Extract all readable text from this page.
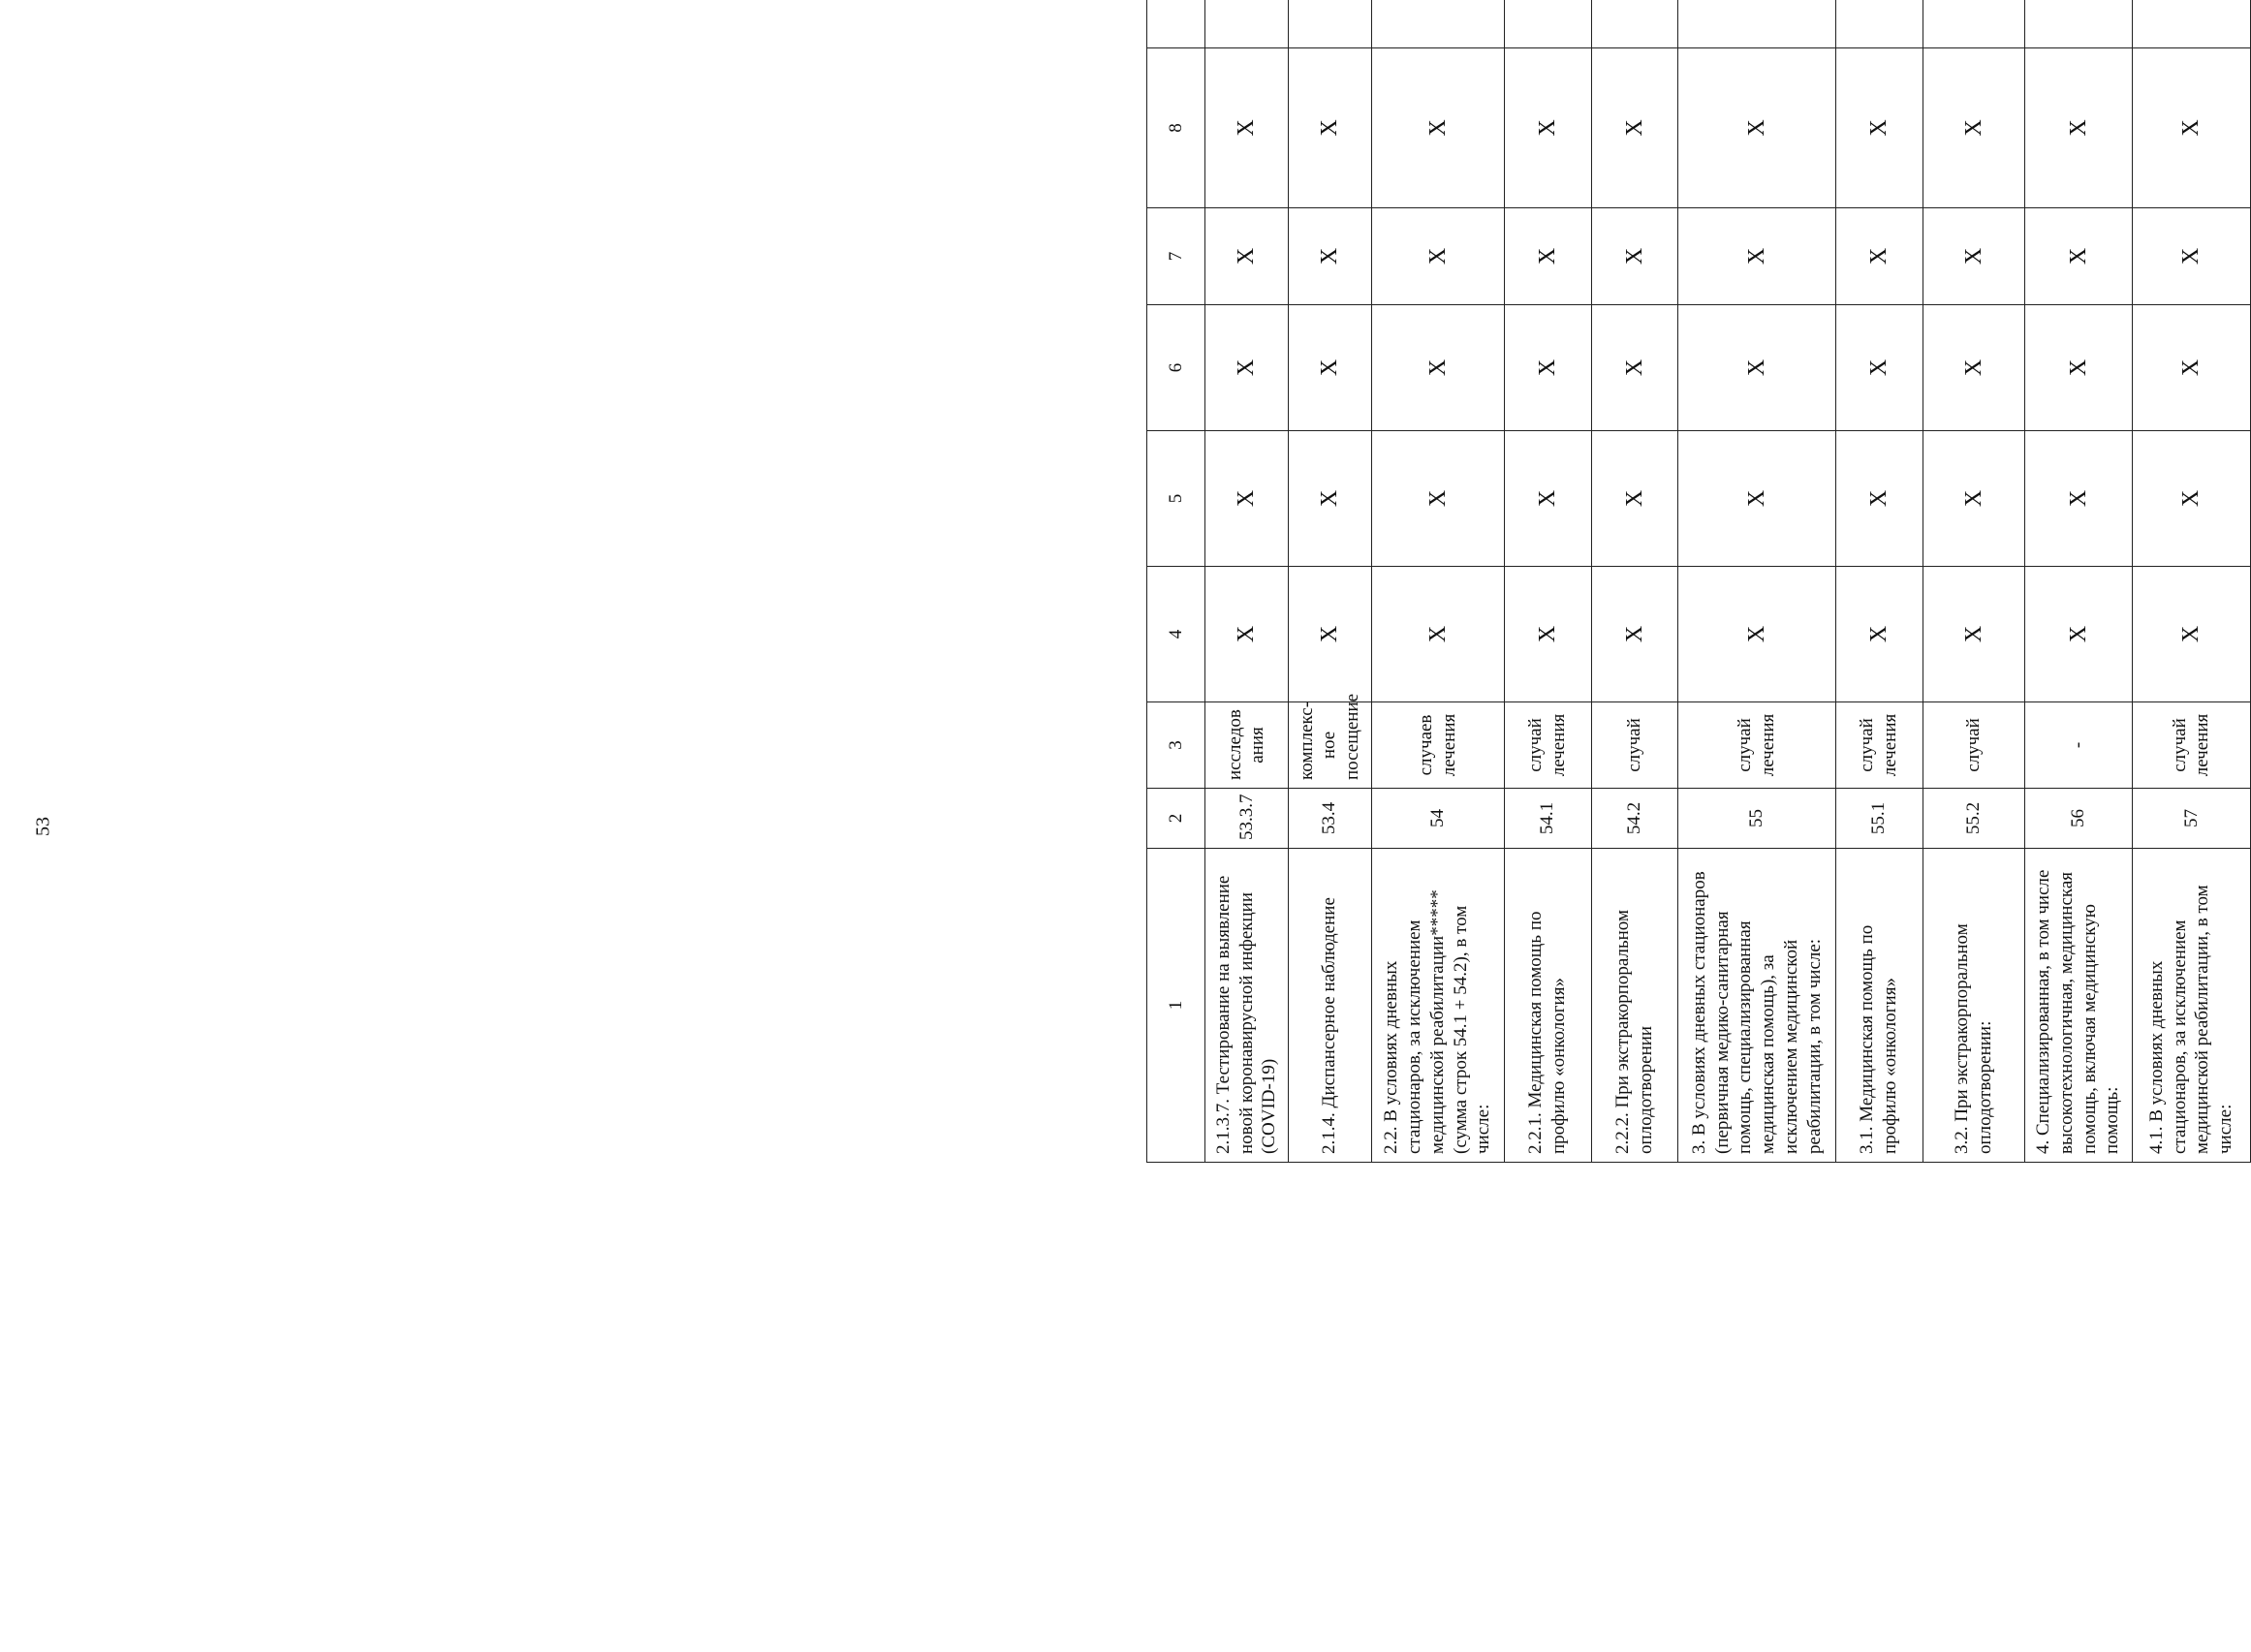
53
1	2	3	4	5	6	7	8		
2.1.3.7. Тестирование на выявление новой коронавирусной инфекции (COVID-19)	53.3.7	исследов ания	X	X	X	X	X		
2.1.4. Диспансерное наблюдение	53.4	комплекс-ное посещение	X	X	X	X	X		
2.2. В условиях дневных стационаров, за исключением медицинской реабилитации***** (сумма строк 54.1 + 54.2), в том числе:	54	случаев лечения	X	X	X	X	X		
2.2.1. Медицинская помощь по профилю «онкология»	54.1	случай лечения	X	X	X	X	X		
2.2.2. При экстракорпоральном оплодотворении	54.2	случай	X	X	X	X	X		
3. В условиях дневных стационаров (первичная медико-санитарная помощь, специализированная медицинская помощь), за исключением медицинской реабилитации, в том числе:	55	случай лечения	X	X	X	X	X		
3.1. Медицинская помощь по профилю «онкология»	55.1	случай лечения	X	X	X	X	X		
3.2. При экстракорпоральном оплодотворении:	55.2	случай	X	X	X	X	X		
4. Специализированная, в том числе высокотехнологичная, медицинская помощь, включая медицинскую помощь:	56	-	X	X	X	X	X		
4.1. В условиях дневных стационаров, за исключением медицинской реабилитации, в том числе:	57	случай лечения	X	X	X	X	X		
